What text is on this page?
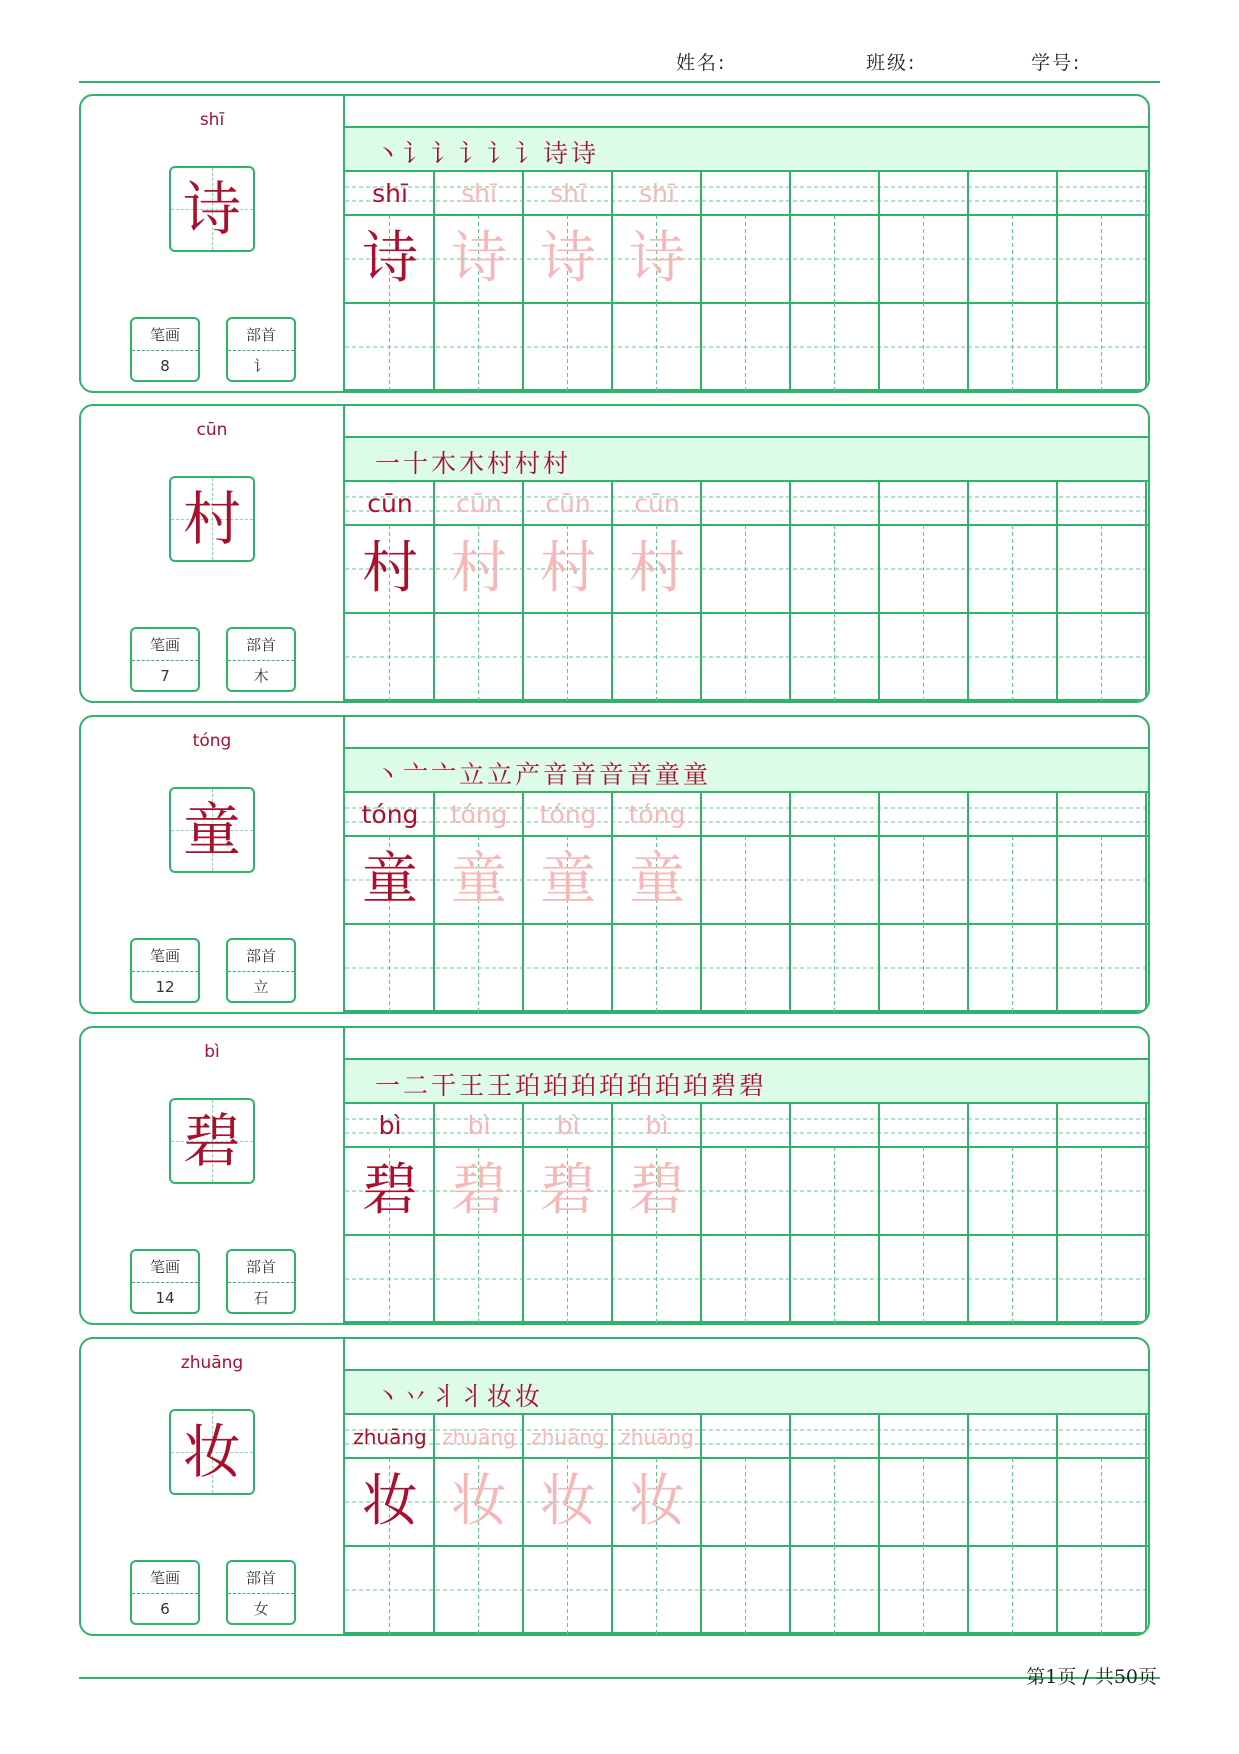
姓名:	班级:	学号:
shī
诗
笔画
8
部首
讠
丶讠讠讠讠讠诗诗
shī
诗
shī
诗
shī
诗
shī
诗
cūn
村
笔画
7
部首
木
一十木木村村村
cūn
村
cūn
村
cūn
村
cūn
村
tóng
童
笔画
12
部首
立
丶亠亠立立产音音音音童童
tóng
童
tóng
童
tóng
童
tóng
童
bì
碧
笔画
14
部首
石
一二干王王珀珀珀珀珀珀珀碧碧
bì
碧
bì
碧
bì
碧
bì
碧
zhuāng
妆
笔画
6
部首
女
丶丷丬丬妆妆
zhuāng
妆
zhuāng
妆
zhuāng
妆
zhuāng
妆
第1页 / 共50页
